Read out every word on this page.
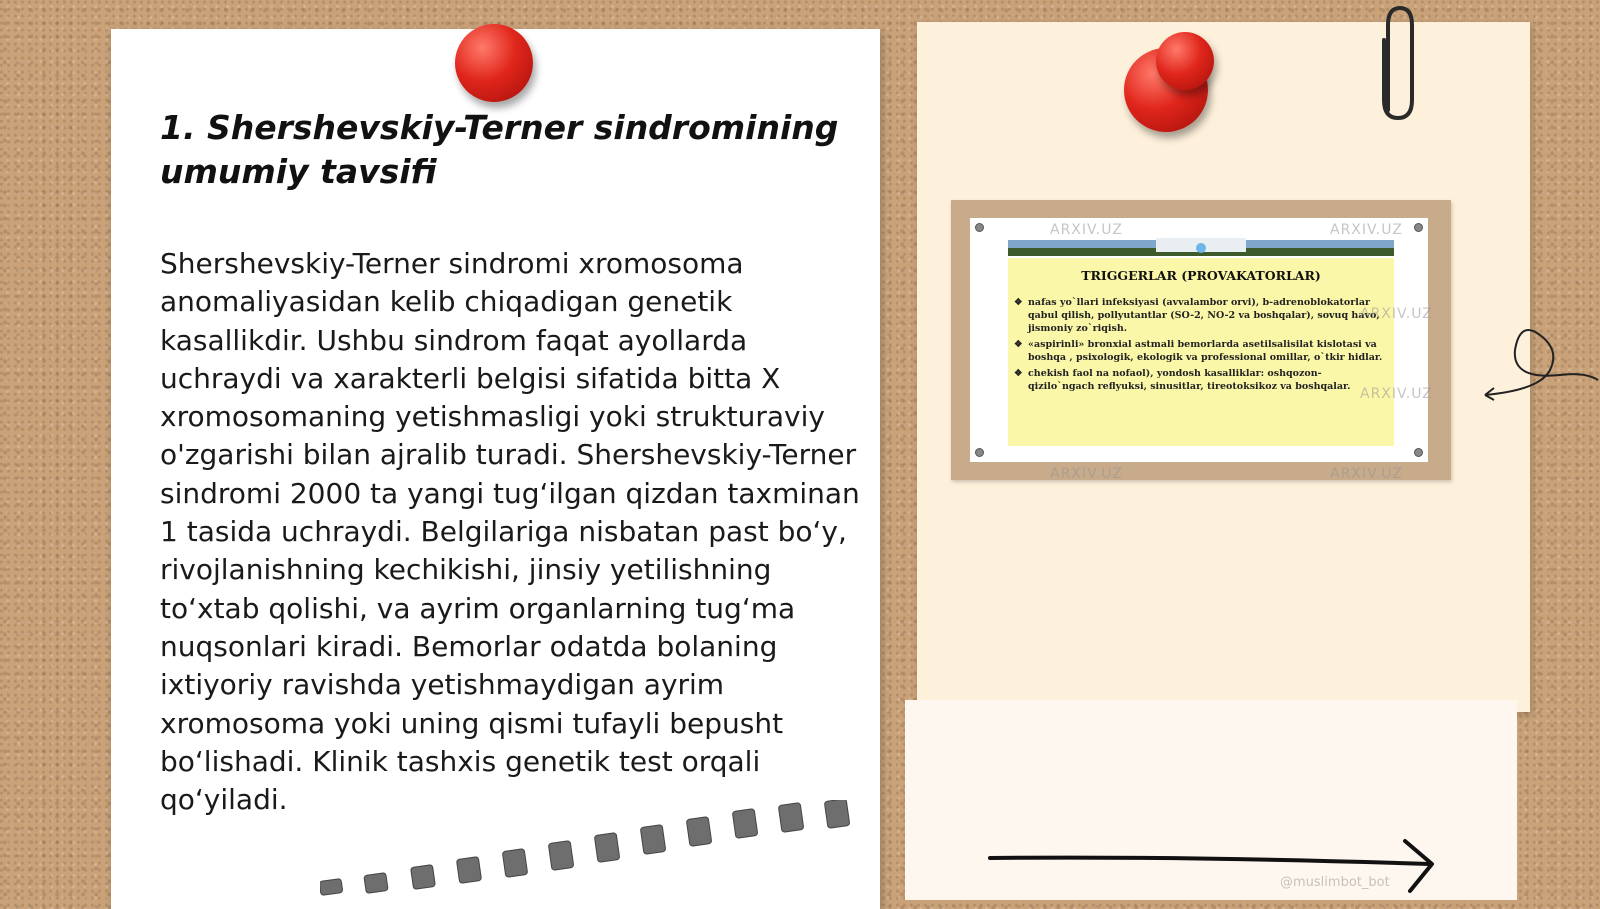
1. Shershevskiy-Terner sindromining umumiy tavsifi

Shershevskiy-Terner sindromi xromosoma anomaliyasidan kelib chiqadigan genetik kasallikdir. Ushbu sindrom faqat ayollarda uchraydi va xarakterli belgisi sifatida bitta X xromosomaning yetishmasligi yoki strukturaviy o'zgarishi bilan ajralib turadi. Shershevskiy-Terner sindromi 2000 ta yangi tug‘ilgan qizdan taxminan 1 tasida uchraydi. Belgilariga nisbatan past bo‘y, rivojlanishning kechikishi, jinsiy yetilishning to‘xtab qolishi, va ayrim organlarning tug‘ma nuqsonlari kiradi. Bemorlar odatda bolaning ixtiyoriy ravishda yetishmaydigan ayrim xromosoma yoki uning qismi tufayli bepusht bo‘lishadi. Klinik tashxis genetik test orqali qo‘yiladi.

TRIGGERLAR (PROVAKATORLAR)
❖ nafas yo`llari infeksiyasi (avvalambor orvi), b-adrenoblokatorlar qabul qilish, pollyutantlar (SO-2, NO-2 va boshqalar), sovuq havo, jismoniy zo`riqish.
❖ «aspirinli» bronxial astmali bemorlarda asetilsalisilat kislotasi va boshqa , psixologik, ekologik va professional omillar, o`tkir hidlar.
❖ chekish faol na nofaol), yondosh kasalliklar: oshqozon-qizilo`ngach reflyuksi, sinusitlar, tireotoksikoz va boshqalar.
ARXIV.UZ	ARXIV.UZ
ARXIV.UZ
ARXIV.UZ
ARXIV.UZ	ARXIV.UZ
@muslimbot_bot
